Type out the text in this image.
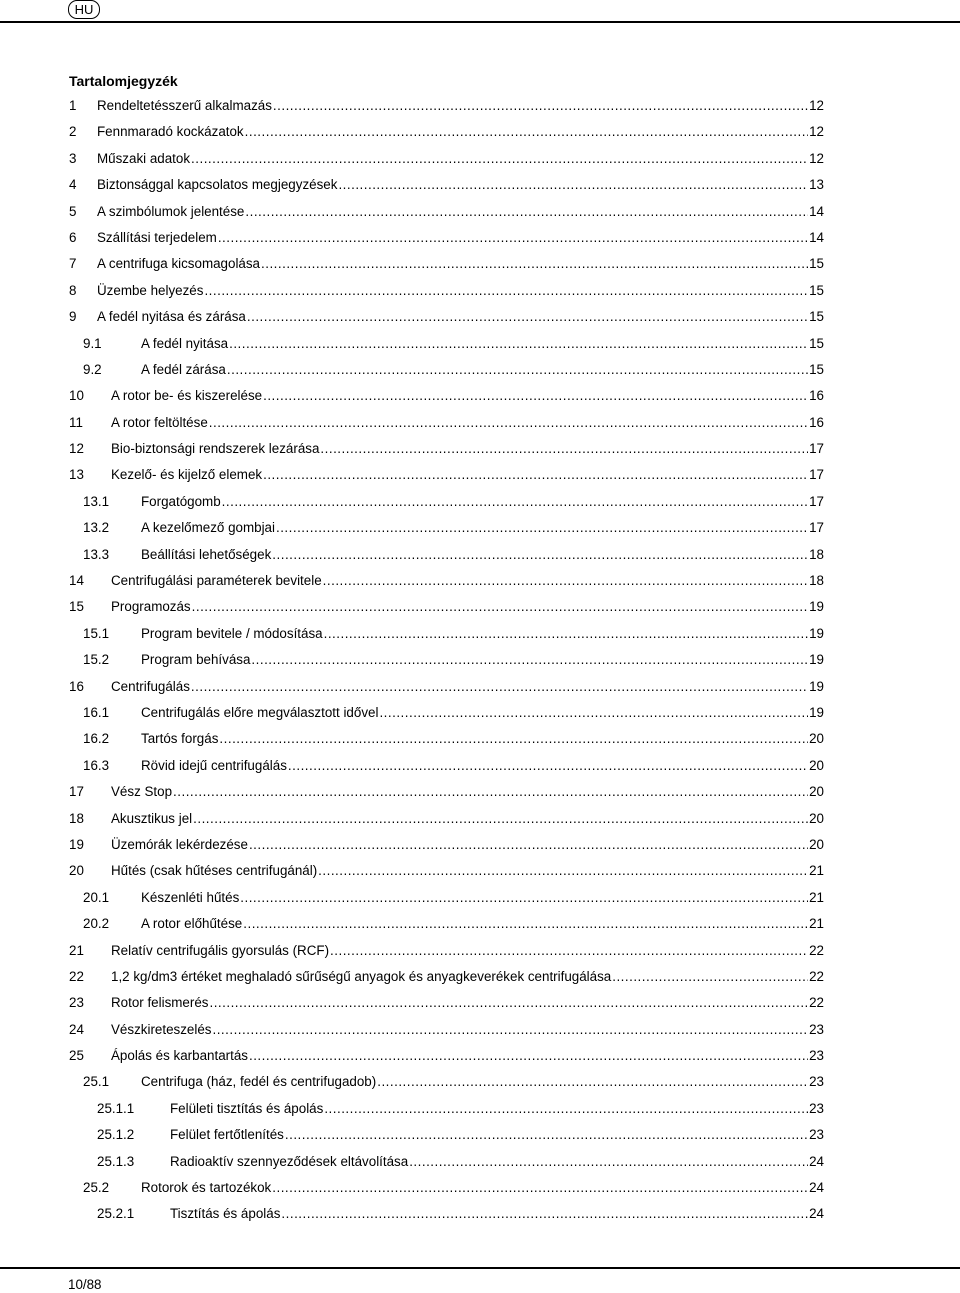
HU
Tartalomjegyzék
1 Rendeltetésszerű alkalmazás .....	12
2 Fennmaradó kockázatok .....	12
3 Műszaki adatok .....	12
4 Biztonsággal kapcsolatos megjegyzések .....	13
5 A szimbólumok jelentése .....	14
6 Szállítási terjedelem .....	14
7 A centrifuga kicsomagolása .....	15
8 Üzembe helyezés .....	15
9 A fedél nyitása és zárása .....	15
9.1	A fedél nyitása .....	15
9.2	A fedél zárása .....	15
10 A rotor be- és kiszerelése .....	16
11 A rotor feltöltése .....	16
12 Bio-biztonsági rendszerek lezárása .....	17
13 Kezelő- és kijelző elemek .....	17
13.1 Forgatógomb .....	17
13.2 A kezelőmező gombjai .....	17
13.3 Beállítási lehetőségek .....	18
14 Centrifugálási paraméterek bevitele .....	18
15 Programozás .....	19
15.1 Program bevitele / módosítása .....	19
15.2 Program behívása .....	19
16 Centrifugálás .....	19
16.1 Centrifugálás előre megválasztott idővel .....	19
16.2 Tartós forgás .....	20
16.3 Rövid idejű centrifugálás .....	20
17 Vész Stop .....	20
18 Akusztikus jel .....	20
19 Üzemórák lekérdezése .....	20
20 Hűtés (csak hűtéses centrifugánál) .....	21
20.1 Készenléti hűtés .....	21
20.2 A rotor előhűtése .....	21
21 Relatív centrifugális gyorsulás (RCF) .....	22
22 1,2 kg/dm3 értéket meghaladó sűrűségű anyagok és anyagkeverékek centrifugálása .....	22
23 Rotor felismerés .....	22
24 Vészkireteszelés .....	23
25 Ápolás és karbantartás .....	23
25.1 Centrifuga (ház, fedél és centrifugadob) .....	23
25.1.1	Felületi tisztítás és ápolás .....	23
25.1.2	Felület fertőtlenítés .....	23
25.1.3	Radioaktív szennyeződések eltávolítása .....	24
25.2 Rotorok és tartozékok .....	24
25.2.1	Tisztítás és ápolás .....	24
10/88
